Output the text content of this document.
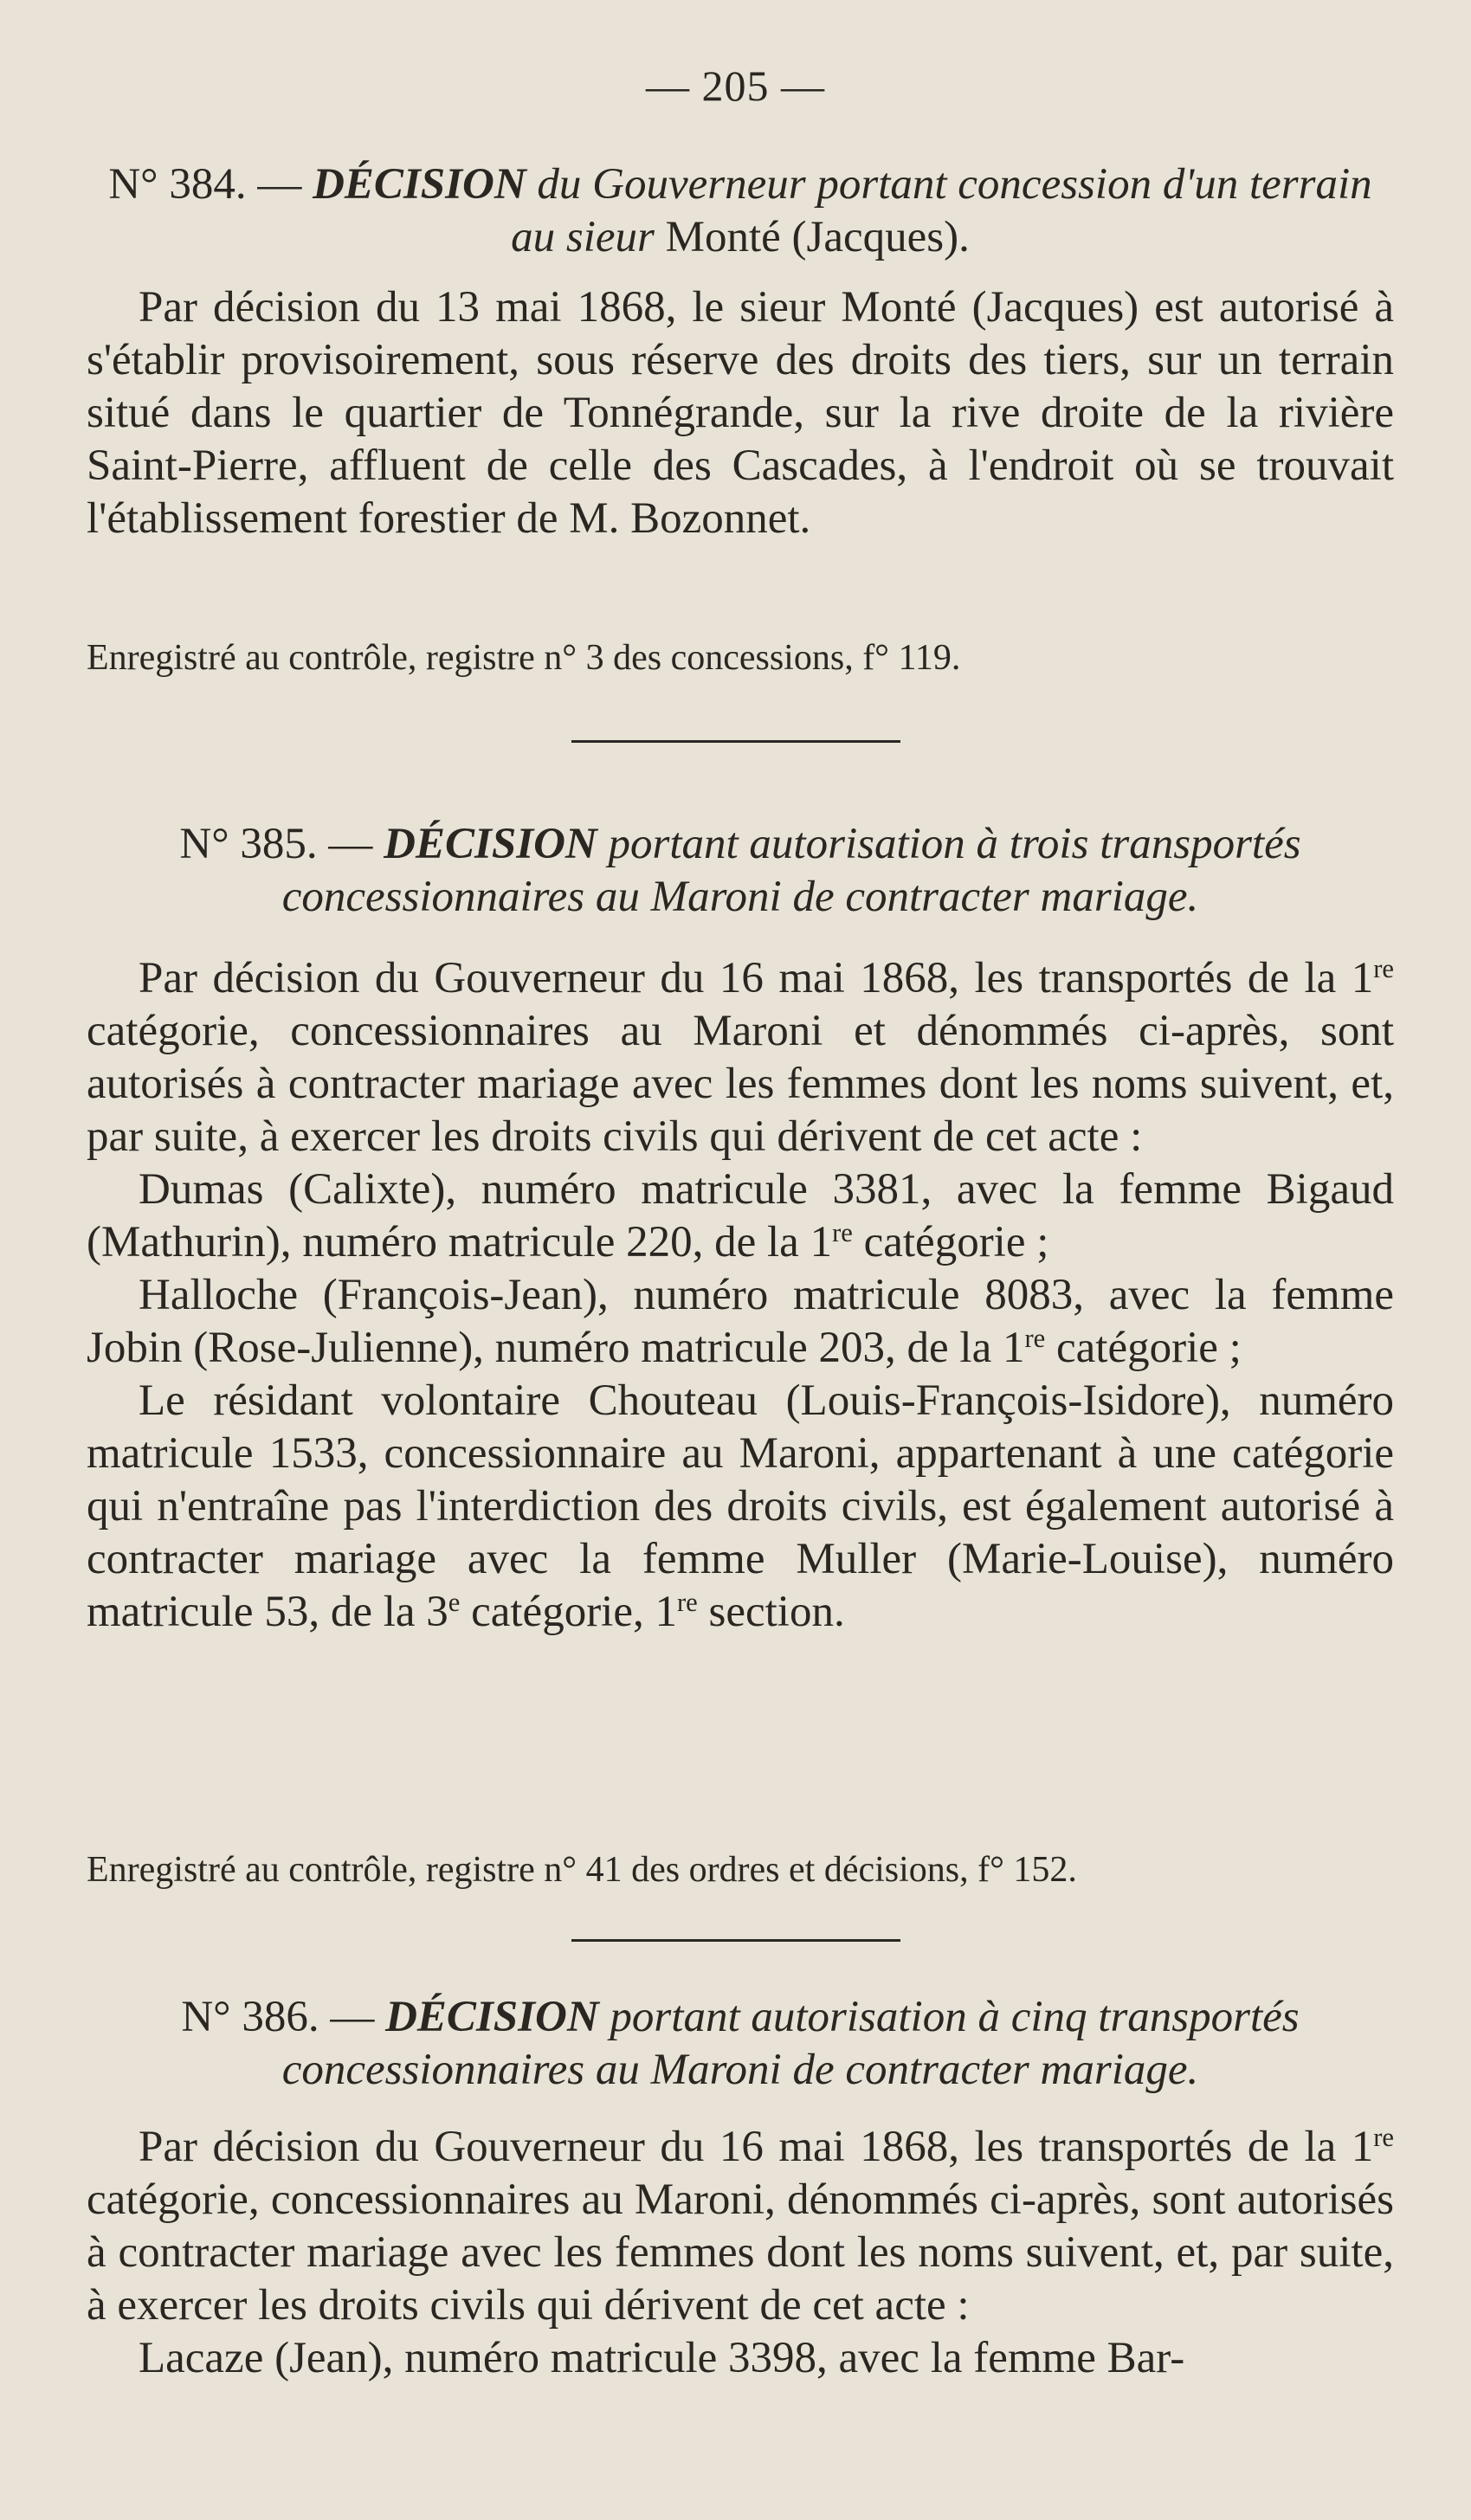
— 205 —
N° 384. — DÉCISION du Gouverneur portant concession d'un terrain au sieur Monté (Jacques).

Par décision du 13 mai 1868, le sieur Monté (Jacques) est autorisé à s'établir provisoirement, sous réserve des droits des tiers, sur un terrain situé dans le quartier de Tonnégrande, sur la rive droite de la rivière Saint-Pierre, affluent de celle des Cascades, à l'endroit où se trouvait l'établissement forestier de M. Bozonnet.

Enregistré au contrôle, registre n° 3 des concessions, f° 119.
N° 385. — DÉCISION portant autorisation à trois transportés concessionnaires au Maroni de contracter mariage.

Par décision du Gouverneur du 16 mai 1868, les transportés de la 1re catégorie, concessionnaires au Maroni et dénommés ci-après, sont autorisés à contracter mariage avec les femmes dont les noms suivent, et, par suite, à exercer les droits civils qui dérivent de cet acte :

Dumas (Calixte), numéro matricule 3381, avec la femme Bigaud (Mathurin), numéro matricule 220, de la 1re catégorie ;

Halloche (François-Jean), numéro matricule 8083, avec la femme Jobin (Rose-Julienne), numéro matricule 203, de la 1re catégorie ;

Le résidant volontaire Chouteau (Louis-François-Isidore), numéro matricule 1533, concessionnaire au Maroni, appartenant à une catégorie qui n'entraîne pas l'interdiction des droits civils, est également autorisé à contracter mariage avec la femme Muller (Marie-Louise), numéro matricule 53, de la 3e catégorie, 1re section.

Enregistré au contrôle, registre n° 41 des ordres et décisions, f° 152.
N° 386. — DÉCISION portant autorisation à cinq transportés concessionnaires au Maroni de contracter mariage.

Par décision du Gouverneur du 16 mai 1868, les transportés de la 1re catégorie, concessionnaires au Maroni, dénommés ci-après, sont autorisés à contracter mariage avec les femmes dont les noms suivent, et, par suite, à exercer les droits civils qui dérivent de cet acte :

Lacaze (Jean), numéro matricule 3398, avec la femme Bar-
